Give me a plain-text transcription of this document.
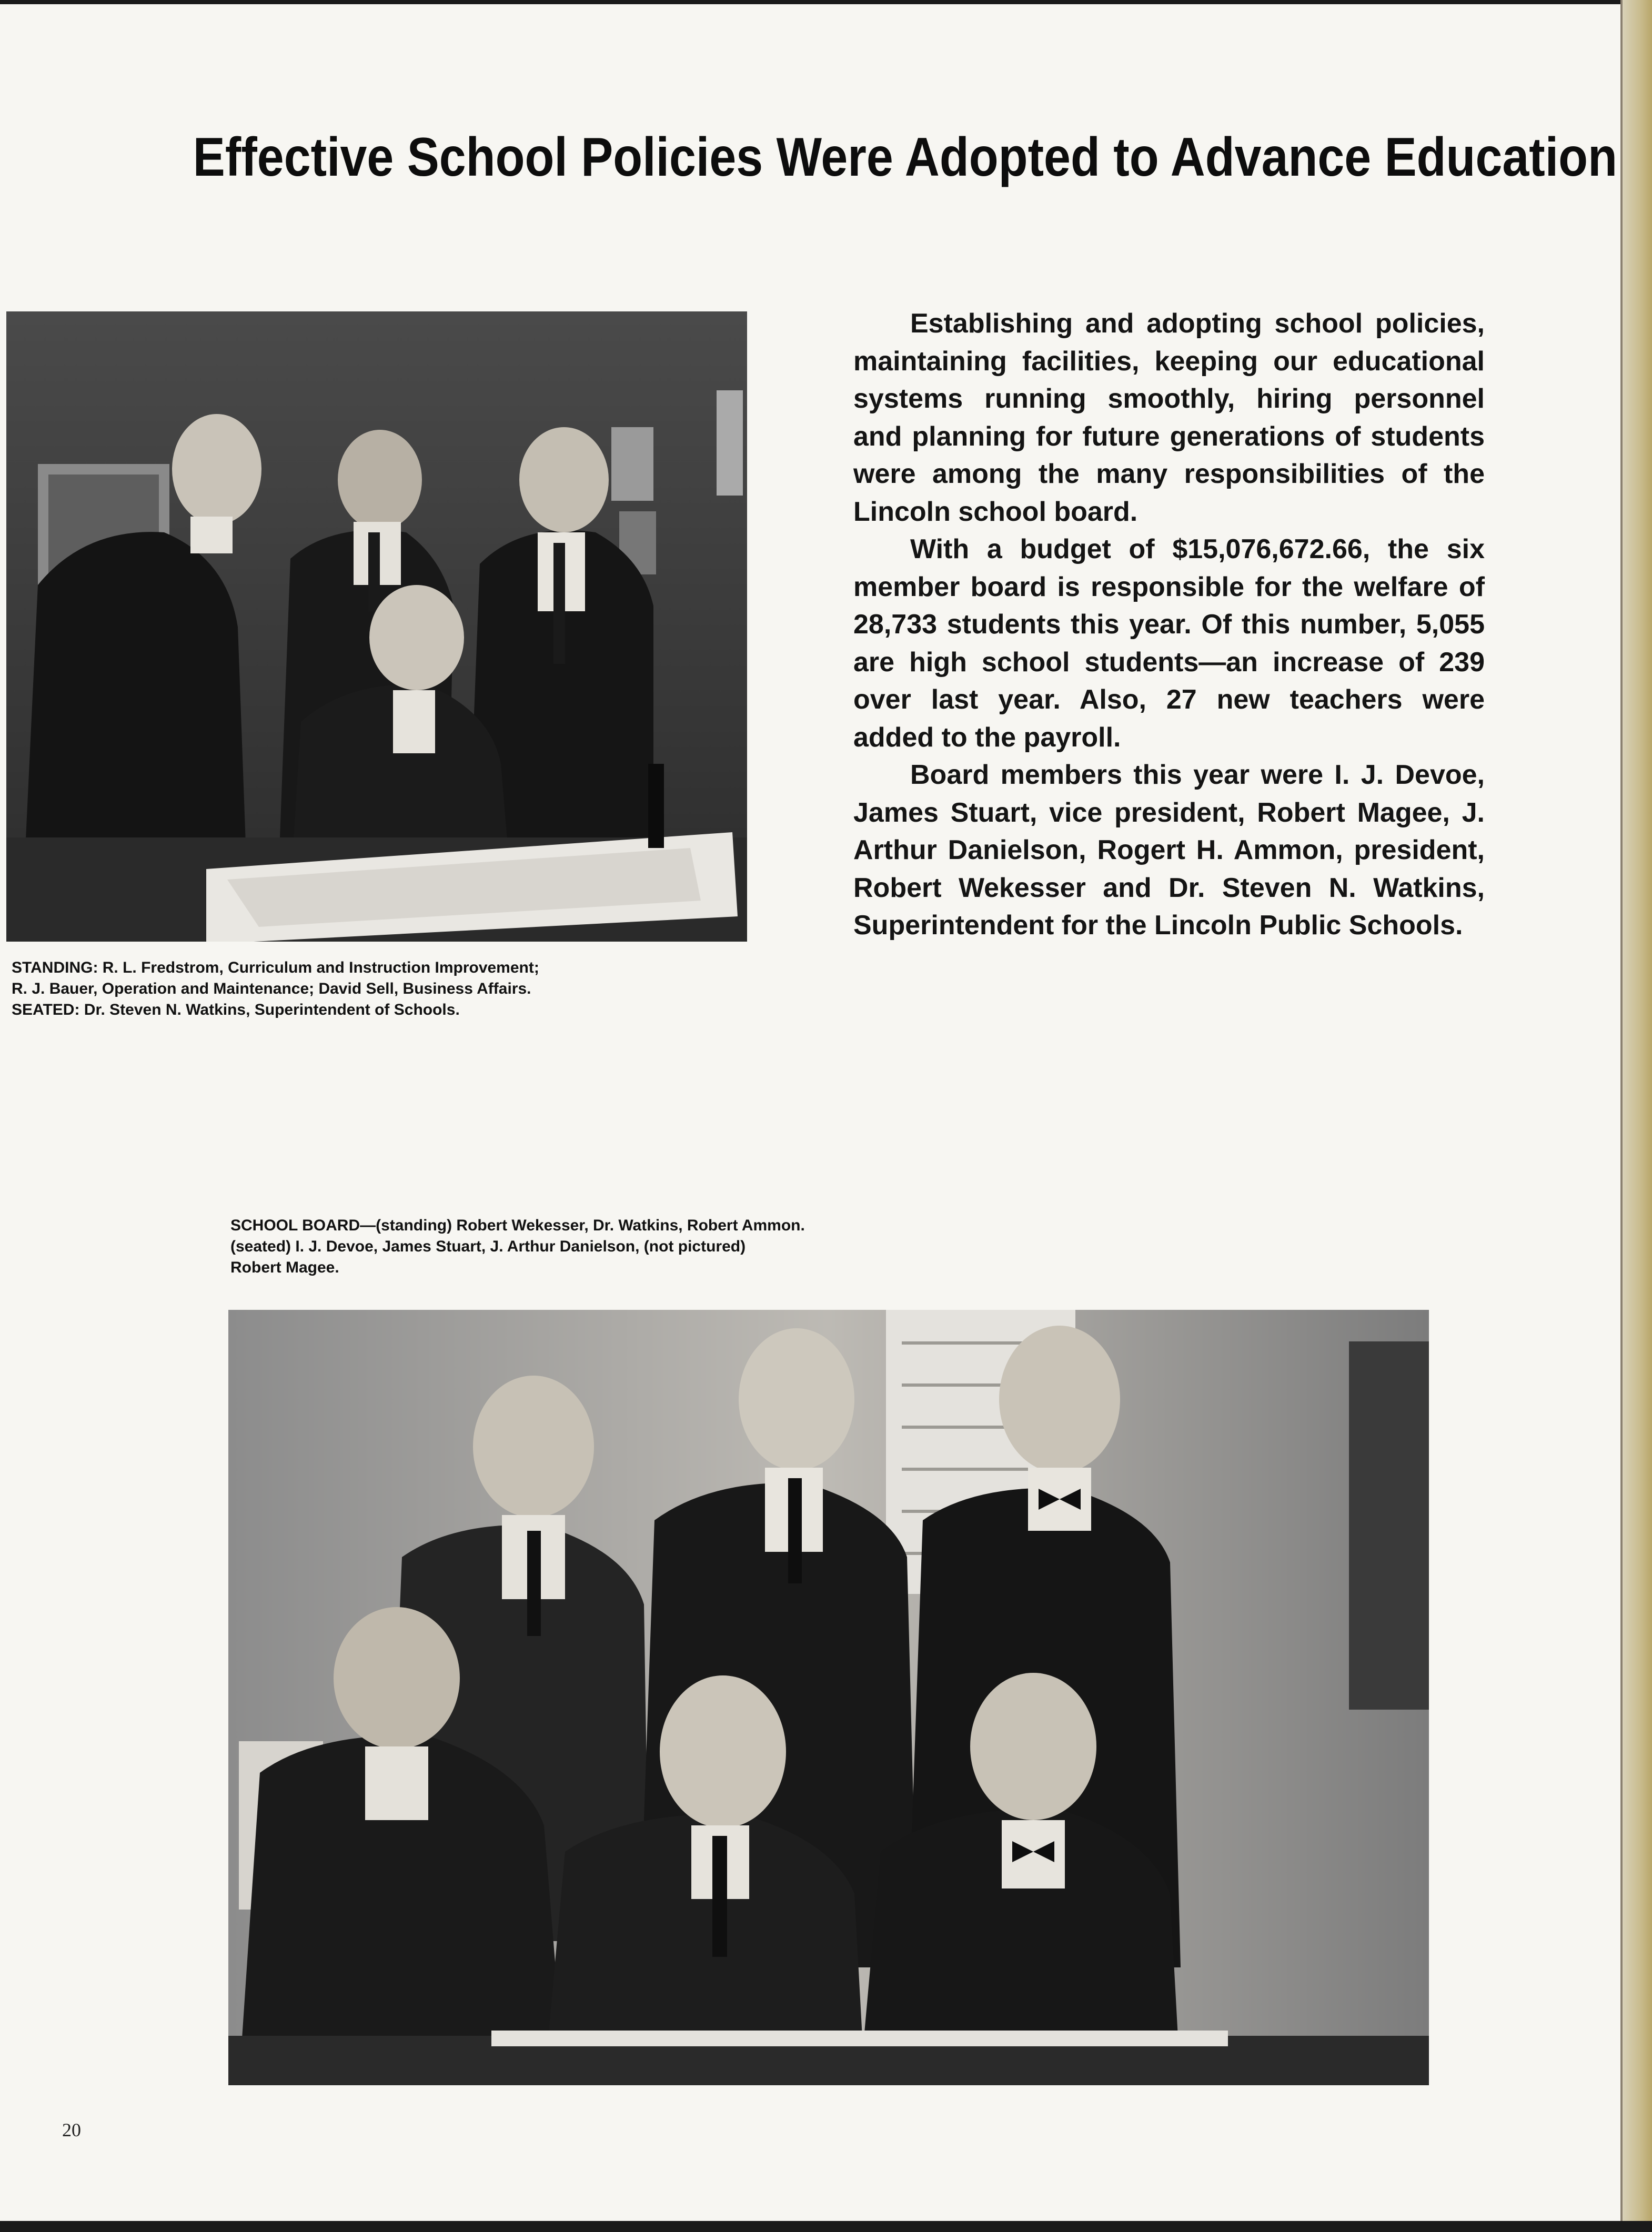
Effective School Policies Were Adopted to Advance Education

STANDING: R. L. Fredstrom, Curriculum and Instruction Improvement;
R. J. Bauer, Operation and Maintenance; David Sell, Business Affairs.
SEATED: Dr. Steven N. Watkins, Superintendent of Schools.

Establishing and adopting school policies, maintaining facilities, keeping our educational systems running smoothly, hiring personnel and planning for future generations of students were among the many responsibilities of the Lincoln school board.

With a budget of $15,076,672.66, the six member board is responsible for the welfare of 28,733 students this year. Of this number, 5,055 are high school students—an increase of 239 over last year. Also, 27 new teachers were added to the payroll.

Board members this year were I. J. Devoe, James Stuart, vice president, Robert Magee, J. Arthur Danielson, Rogert H. Ammon, president, Robert Wekesser and Dr. Steven N. Watkins, Superintendent for the Lincoln Public Schools.

SCHOOL BOARD—(standing) Robert Wekesser, Dr. Watkins, Robert Ammon.
(seated) I. J. Devoe, James Stuart, J. Arthur Danielson, (not pictured)
Robert Magee.

20
